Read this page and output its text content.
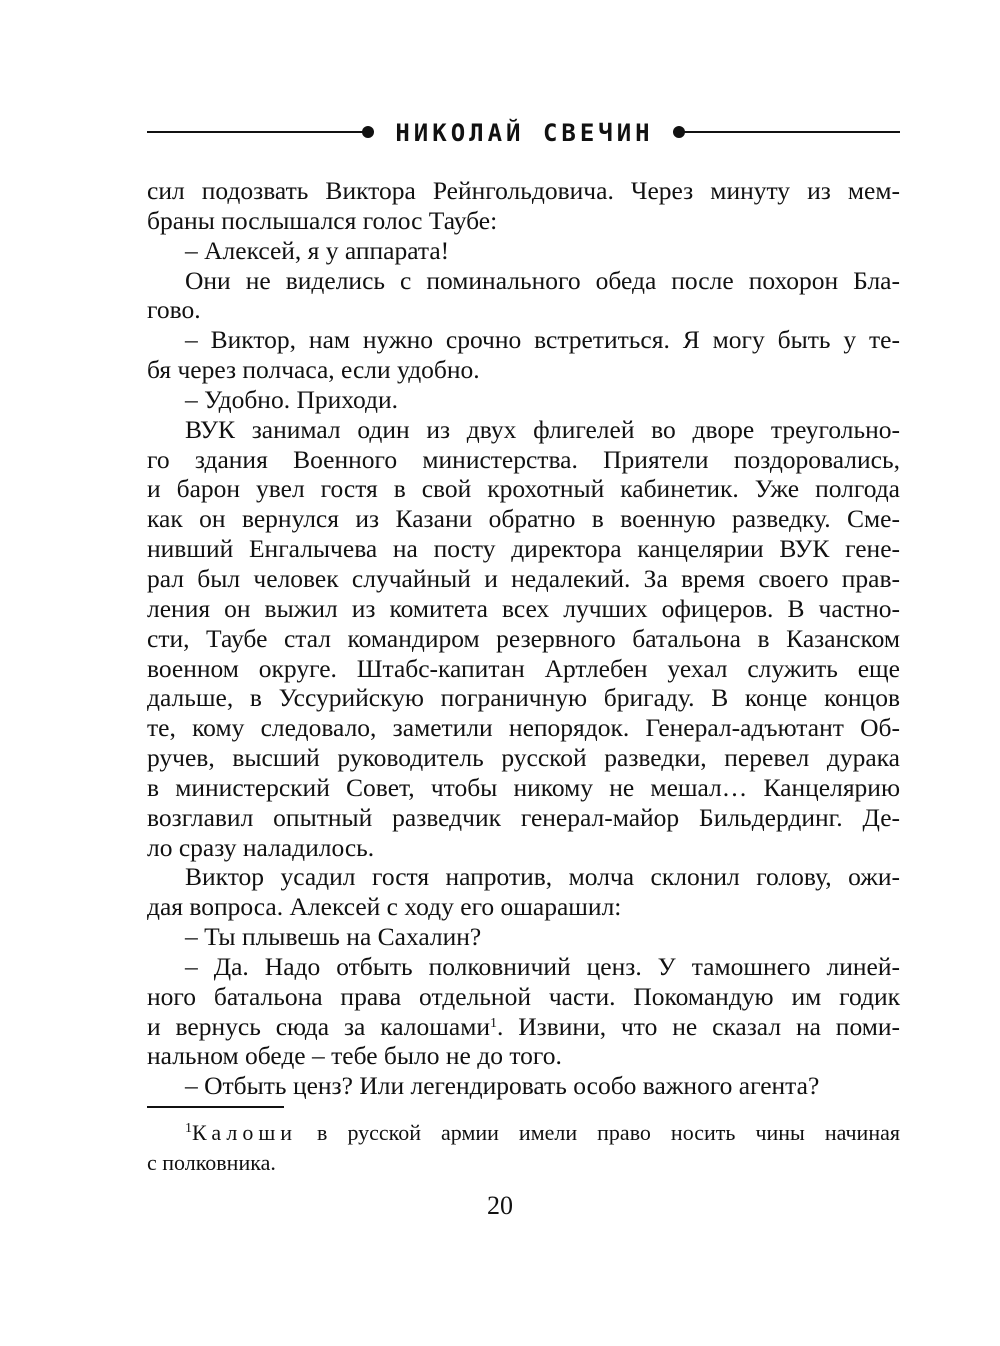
НИКОЛАЙ СВЕЧИН
сил подозвать Виктора Рейнгольдовича. Через минуту из мем-
браны послышался голос Таубе:
– Алексей, я у аппарата!
Они не виделись с поминального обеда после похорон Бла-
гово.
– Виктор, нам нужно срочно встретиться. Я могу быть у те-
бя через полчаса, если удобно.
– Удобно. Приходи.
ВУК занимал один из двух флигелей во дворе треугольно-
го здания Военного министерства. Приятели поздоровались,
и барон увел гостя в свой крохотный кабинетик. Уже полгода
как он вернулся из Казани обратно в военную разведку. Сме-
нивший Енгалычева на посту директора канцелярии ВУК гене-
рал был человек случайный и недалекий. За время своего прав-
ления он выжил из комитета всех лучших офицеров. В частно-
сти, Таубе стал командиром резервного батальона в Казанском
военном округе. Штабс-капитан Артлебен уехал служить еще
дальше, в Уссурийскую пограничную бригаду. В конце концов
те, кому следовало, заметили непорядок. Генерал-адъютант Об-
ручев, высший руководитель русской разведки, перевел дурака
в министерский Совет, чтобы никому не мешал… Канцелярию
возглавил опытный разведчик генерал-майор Бильдердинг. Де-
ло сразу наладилось.
Виктор усадил гостя напротив, молча склонил голову, ожи-
дая вопроса. Алексей с ходу его ошарашил:
– Ты плывешь на Сахалин?
– Да. Надо отбыть полковничий ценз. У тамошнего линей-
ного батальона права отдельной части. Покомандую им годик
и вернусь сюда за калошами$^1$. Извини, что не сказал на поми-
нальном обеде – тебе было не до того.
– Отбыть ценз? Или легендировать особо важного агента?
$^1$Калоши в русской армии имели право носить чины начиная
с полковника.
20
